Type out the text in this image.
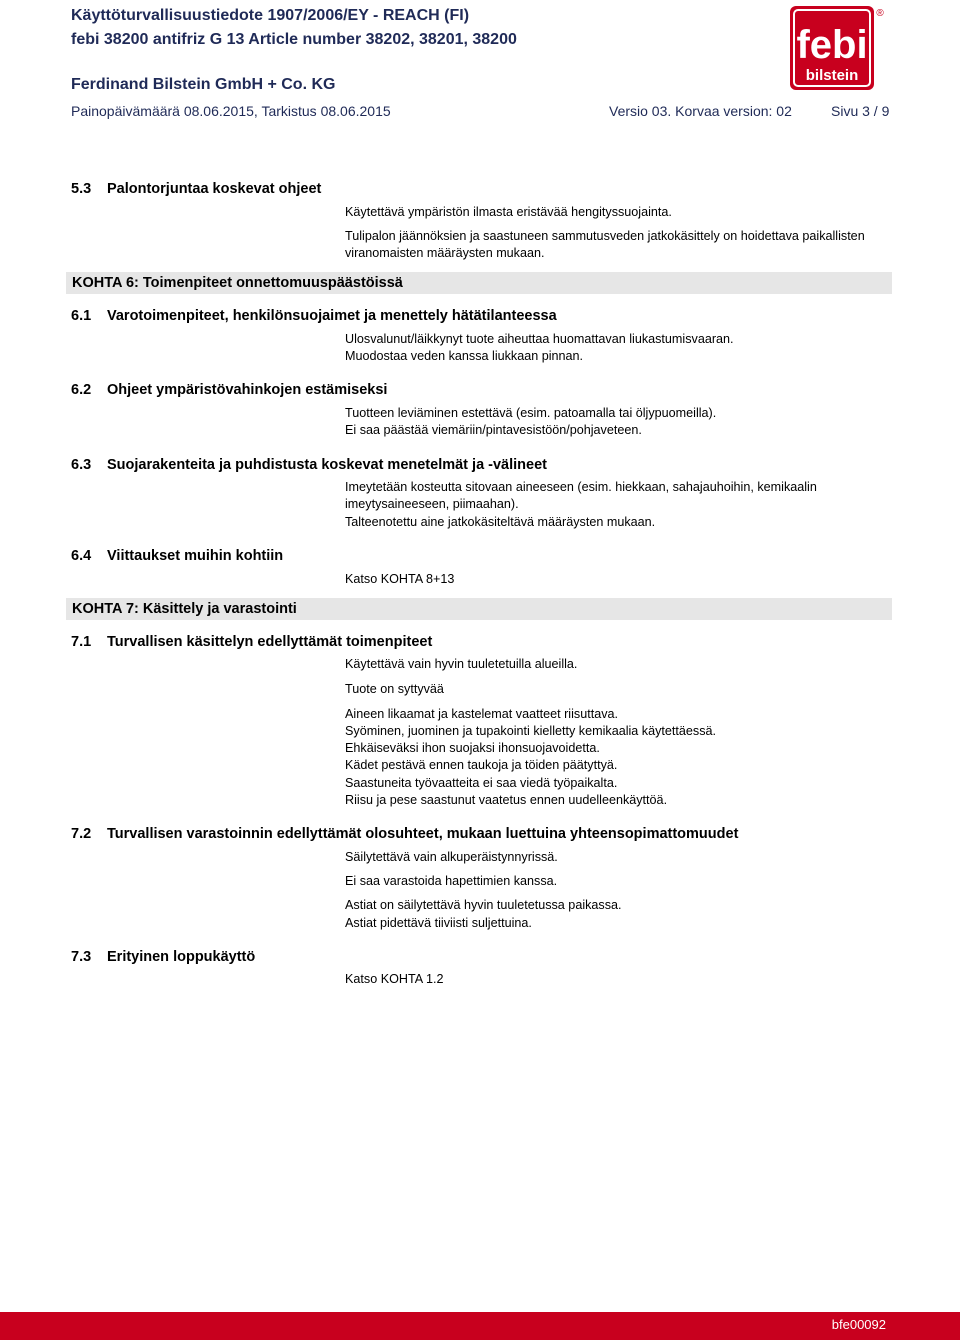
Käyttöturvallisuustiedote 1907/2006/EY - REACH (FI)
febi 38200 antifriz G 13 Article number 38202, 38201, 38200
Ferdinand Bilstein GmbH + Co. KG
Painopäivämäärä 08.06.2015, Tarkistus 08.06.2015	Versio 03. Korvaa version: 02	Sivu 3 / 9
febi
bilstein
®
5.3 Palontorjuntaa koskevat ohjeet
Käytettävä ympäristön ilmasta eristävää hengityssuojainta.
Tulipalon jäännöksien ja saastuneen sammutusveden jatkokäsittely on hoidettava paikallisten viranomaisten määräysten mukaan.
KOHTA 6: Toimenpiteet onnettomuuspäästöissä
6.1 Varotoimenpiteet, henkilönsuojaimet ja menettely hätätilanteessa
Ulosvalunut/läikkynyt tuote aiheuttaa huomattavan liukastumisvaaran.
Muodostaa veden kanssa liukkaan pinnan.
6.2 Ohjeet ympäristövahinkojen estämiseksi
Tuotteen leviäminen estettävä (esim. patoamalla tai öljypuomeilla).
Ei saa päästää viemäriin/pintavesistöön/pohjaveteen.
6.3 Suojarakenteita ja puhdistusta koskevat menetelmät ja -välineet
Imeytetään kosteutta sitovaan aineeseen (esim. hiekkaan, sahajauhoihin, kemikaalin imeytysaineeseen, piimaahan).
Talteenotettu aine jatkokäsiteltävä määräysten mukaan.
6.4 Viittaukset muihin kohtiin
Katso KOHTA 8+13
KOHTA 7: Käsittely ja varastointi
7.1 Turvallisen käsittelyn edellyttämät toimenpiteet
Käytettävä vain hyvin tuuletetuilla alueilla.
Tuote on syttyvää
Aineen likaamat ja kastelemat vaatteet riisuttava.
Syöminen, juominen ja tupakointi kielletty kemikaalia käytettäessä.
Ehkäiseväksi ihon suojaksi ihonsuojavoidetta.
Kädet pestävä ennen taukoja ja töiden päätyttyä.
Saastuneita työvaatteita ei saa viedä työpaikalta.
Riisu ja pese saastunut vaatetus ennen uudelleenkäyttöä.
7.2 Turvallisen varastoinnin edellyttämät olosuhteet, mukaan luettuina yhteensopimattomuudet
Säilytettävä vain alkuperäistynnyrissä.
Ei saa varastoida hapettimien kanssa.
Astiat on säilytettävä hyvin tuuletetussa paikassa.
Astiat pidettävä tiiviisti suljettuina.
7.3 Erityinen loppukäyttö
Katso KOHTA 1.2
bfe00092
